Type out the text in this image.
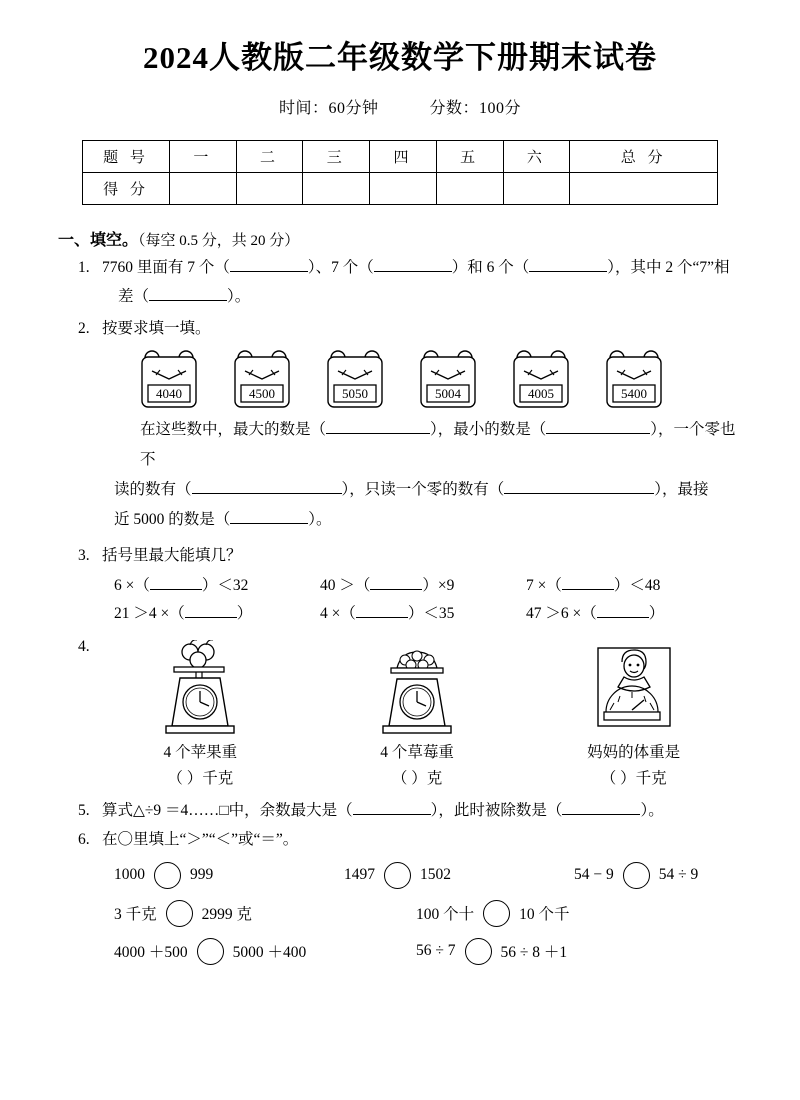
2024人教版二年级数学下册期末试卷
时间：60分钟	分数：100分
题 号	一	二	三	四	五	六	总 分
得 分							
一、填空。（每空 0.5 分，共 20 分）
1. 7760 里面有 7 个（	）、7 个（	）和 6 个（	），其中 2 个“7”相
差（	）。
2. 按要求填一填。
4040	4500	5050	5004	4005	5400
在这些数中，最大的数是（	），最小的数是（	），一个零也不
读的数有（	），只读一个零的数有（	），最接
近 5000 的数是（	）。
3. 括号里最大能填几？
6 ×（	）＜32	40 ＞（	）×9	7 ×（	）＜48
21 ＞4 ×（	）	4 ×（	）＜35	47 ＞6 ×（	）
4.
4 个苹果重
（ ）千克
4 个草莓重
（ ）克
妈妈的体重是
（ ）千克
5. 算式△÷9 ＝4……□中，余数最大是（	），此时被除数是（	）。
6. 在〇里填上“＞”“＜”或“＝”。
1000	999	1497	1502	54 − 9	54 ÷ 9
3 千克	2999 克	100 个十	10 个千
4000 ＋500	5000 ＋400	56 ÷ 7	56 ÷ 8 ＋1
